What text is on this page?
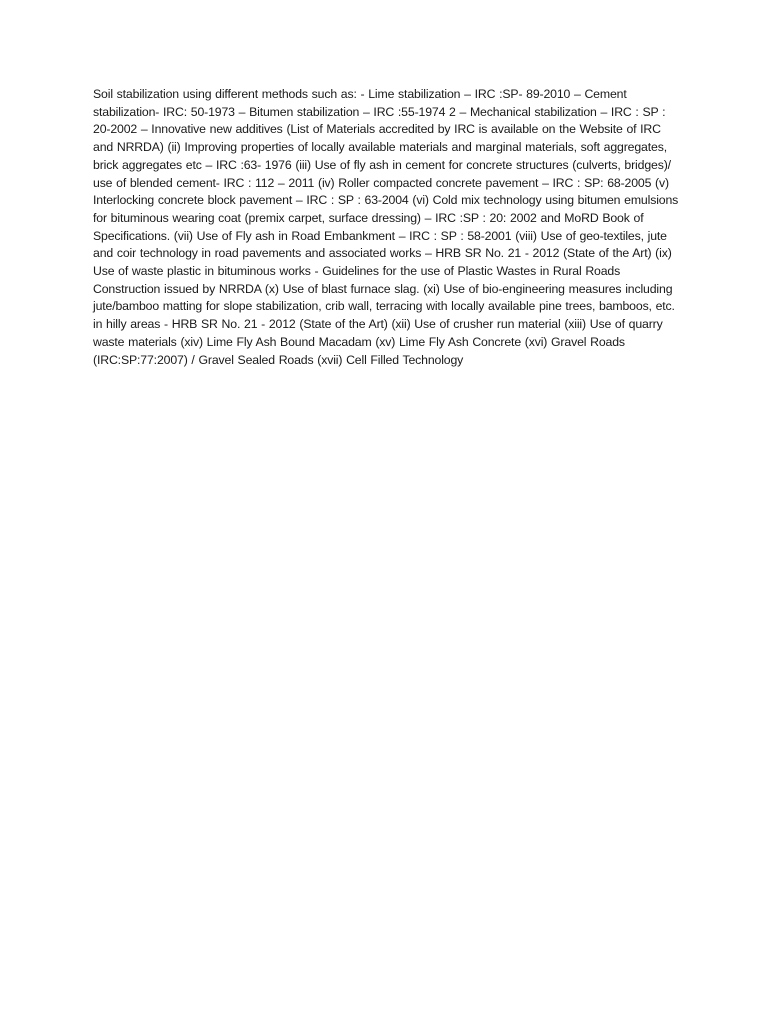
Soil stabilization using different methods such as: - Lime stabilization – IRC :SP- 89-2010 – Cement stabilization- IRC: 50-1973 – Bitumen stabilization – IRC :55-1974 2 – Mechanical stabilization – IRC : SP : 20-2002 – Innovative new additives (List of Materials accredited by IRC is available on the Website of IRC and NRRDA) (ii) Improving properties of locally available materials and marginal materials, soft aggregates, brick aggregates etc – IRC :63- 1976 (iii) Use of fly ash in cement for concrete structures (culverts, bridges)/ use of blended cement- IRC : 112 – 2011 (iv) Roller compacted concrete pavement – IRC : SP: 68-2005 (v) Interlocking concrete block pavement – IRC : SP : 63-2004 (vi) Cold mix technology using bitumen emulsions for bituminous wearing coat (premix carpet, surface dressing) – IRC :SP : 20: 2002 and MoRD Book of Specifications. (vii) Use of Fly ash in Road Embankment – IRC : SP : 58-2001 (viii) Use of geo-textiles, jute and coir technology in road pavements and associated works – HRB SR No. 21 - 2012 (State of the Art) (ix) Use of waste plastic in bituminous works - Guidelines for the use of Plastic Wastes in Rural Roads Construction issued by NRRDA (x) Use of blast furnace slag. (xi) Use of bio-engineering measures including jute/bamboo matting for slope stabilization, crib wall, terracing with locally available pine trees, bamboos, etc. in hilly areas - HRB SR No. 21 - 2012 (State of the Art) (xii) Use of crusher run material (xiii) Use of quarry waste materials (xiv) Lime Fly Ash Bound Macadam (xv) Lime Fly Ash Concrete (xvi) Gravel Roads (IRC:SP:77:2007) / Gravel Sealed Roads (xvii) Cell Filled Technology
